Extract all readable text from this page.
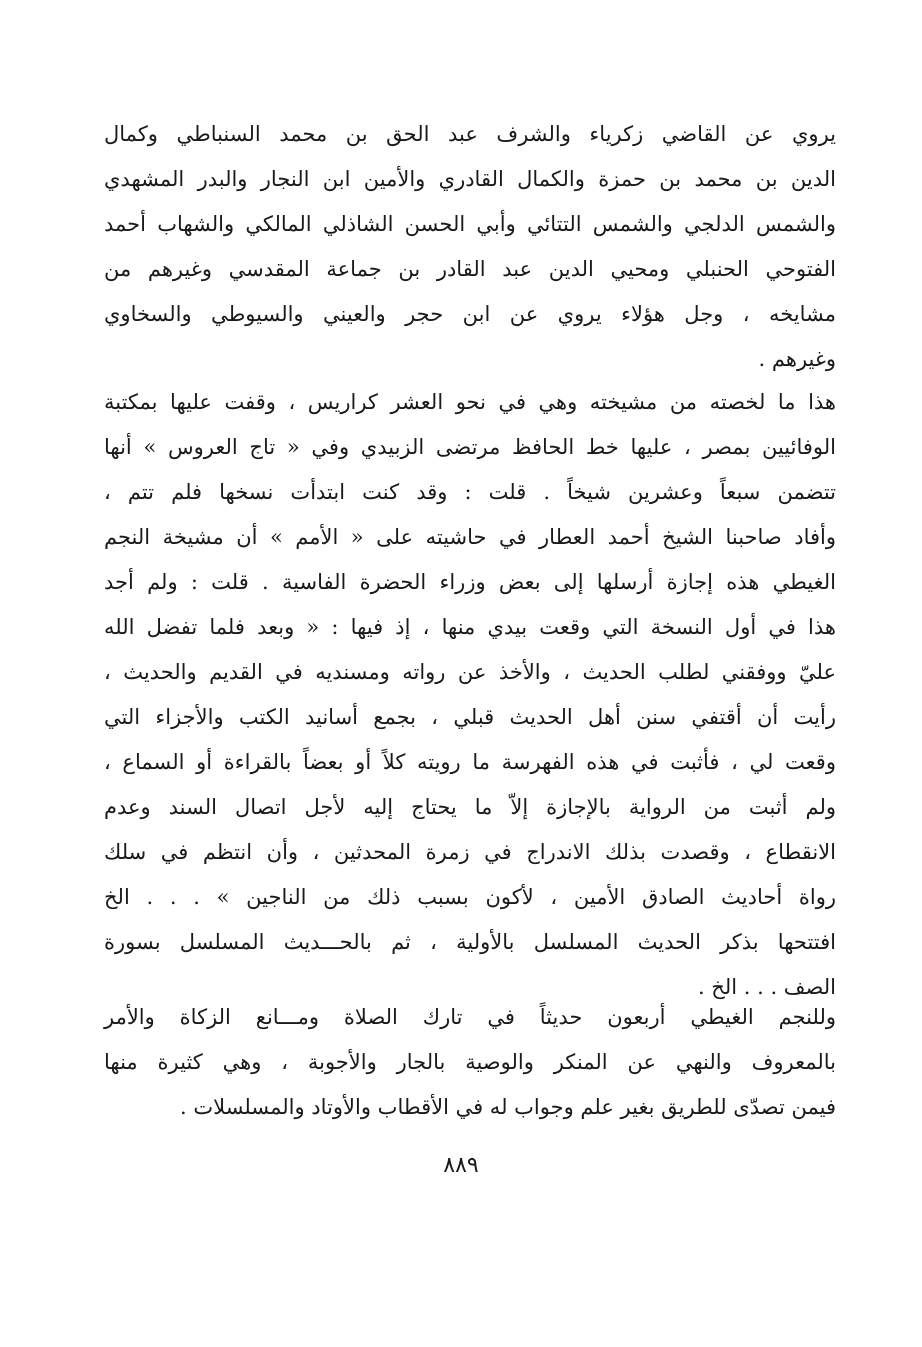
يروي عن القاضي زكرياء والشرف عبد الحق بن محمد السنباطي وكمال
الدين بن محمد بن حمزة والكمال القادري والأمين ابن النجار والبدر المشهدي
والشمس الدلجي والشمس التتائي وأبي الحسن الشاذلي المالكي والشهاب أحمد
الفتوحي الحنبلي ومحيي الدين عبد القادر بن جماعة المقدسي وغيرهم من
مشايخه ، وجل هؤلاء يروي عن ابن حجر والعيني والسيوطي والسخاوي
وغيرهم .
هذا ما لخصته من مشيخته وهي في نحو العشر كراريس ، وقفت عليها بمكتبة
الوفائيين بمصر ، عليها خط الحافظ مرتضى الزبيدي وفي « تاج العروس » أنها
تتضمن سبعاً وعشرين شيخاً . قلت : وقد كنت ابتدأت نسخها فلم تتم ،
وأفاد صاحبنا الشيخ أحمد العطار في حاشيته على « الأمم » أن مشيخة النجم
الغيطي هذه إجازة أرسلها إلى بعض وزراء الحضرة الفاسية . قلت : ولم أجد
هذا في أول النسخة التي وقعت بيدي منها ، إذ فيها : « وبعد فلما تفضل الله
عليّ ووفقني لطلب الحديث ، والأخذ عن رواته ومسنديه في القديم والحديث ،
رأيت أن أقتفي سنن أهل الحديث قبلي ، بجمع أسانيد الكتب والأجزاء التي
وقعت لي ، فأثبت في هذه الفهرسة ما رويته كلاً أو بعضاً بالقراءة أو السماع ،
ولم أثبت من الرواية بالإجازة إلاّ ما يحتاج إليه لأجل اتصال السند وعدم
الانقطاع ، وقصدت بذلك الاندراج في زمرة المحدثين ، وأن انتظم في سلك
رواة أحاديث الصادق الأمين ، لأكون بسبب ذلك من الناجين » . . . الخ
افتتحها بذكر الحديث المسلسل بالأولية ، ثم بالحـــديث المسلسل بسورة
الصف . . . الخ .
وللنجم الغيطي أربعون حديثاً في تارك الصلاة ومـــانع الزكاة والأمر
بالمعروف والنهي عن المنكر والوصية بالجار والأجوبة ، وهي كثيرة منها
فيمن تصدّى للطريق بغير علم وجواب له في الأقطاب والأوتاد والمسلسلات .
٨٨٩
